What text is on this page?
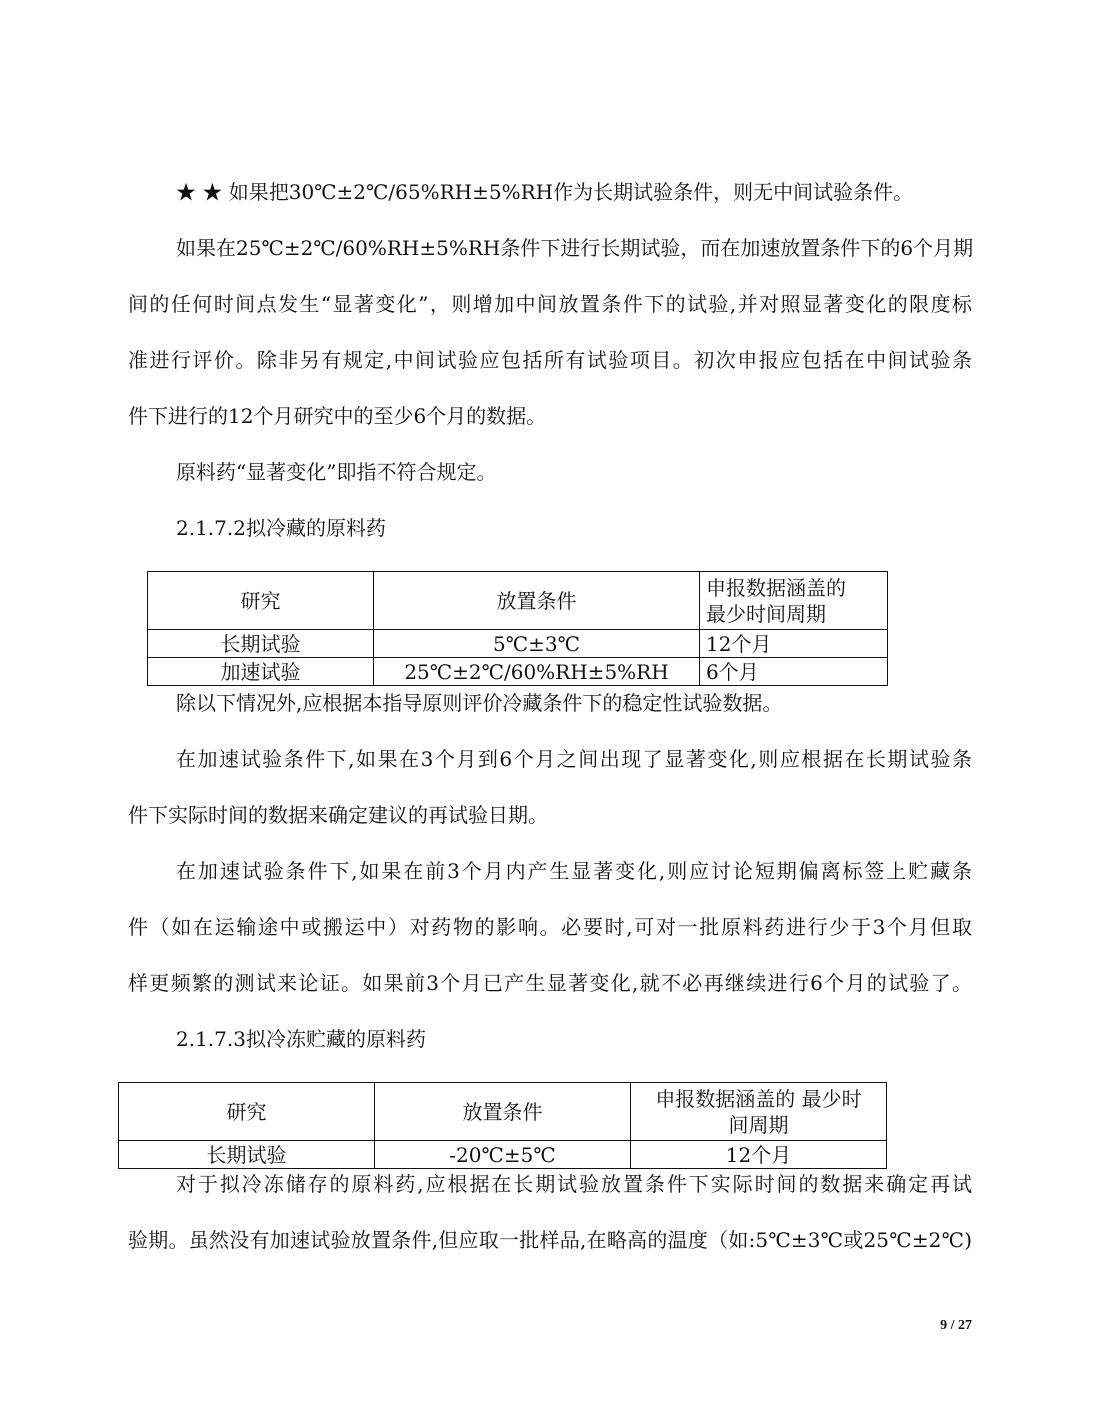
★ ★ 如果把30℃±2℃/65%RH±5%RH作为长期试验条件，则无中间试验条件。

如果在25℃±2℃/60%RH±5%RH条件下进行长期试验，而在加速放置条件下的6个月期

间的任何时间点发生“显著变化”，则增加中间放置条件下的试验,并对照显著变化的限度标

准进行评价。除非另有规定,中间试验应包括所有试验项目。初次申报应包括在中间试验条

件下进行的12个月研究中的至少6个月的数据。

原料药“显著变化”即指不符合规定。

2.1.7.2拟冷藏的原料药

研究	放置条件	申报数据涵盖的
最少时间周期

长期试验	5℃±3℃	12个月
加速试验	25℃±2℃/60%RH±5%RH	6个月

除以下情况外,应根据本指导原则评价冷藏条件下的稳定性试验数据。

在加速试验条件下,如果在3个月到6个月之间出现了显著变化,则应根据在长期试验条

件下实际时间的数据来确定建议的再试验日期。

在加速试验条件下,如果在前3个月内产生显著变化,则应讨论短期偏离标签上贮藏条

件（如在运输途中或搬运中）对药物的影响。必要时,可对一批原料药进行少于3个月但取

样更频繁的测试来论证。如果前3个月已产生显著变化,就不必再继续进行6个月的试验了。

2.1.7.3拟冷冻贮藏的原料药

研究	放置条件	申报数据涵盖的 最少时
间周期

长期试验	-20℃±5℃	12个月

对于拟冷冻储存的原料药,应根据在长期试验放置条件下实际时间的数据来确定再试

验期。虽然没有加速试验放置条件,但应取一批样品,在略高的温度（如:5℃±3℃或25℃±2℃)

9 / 27
